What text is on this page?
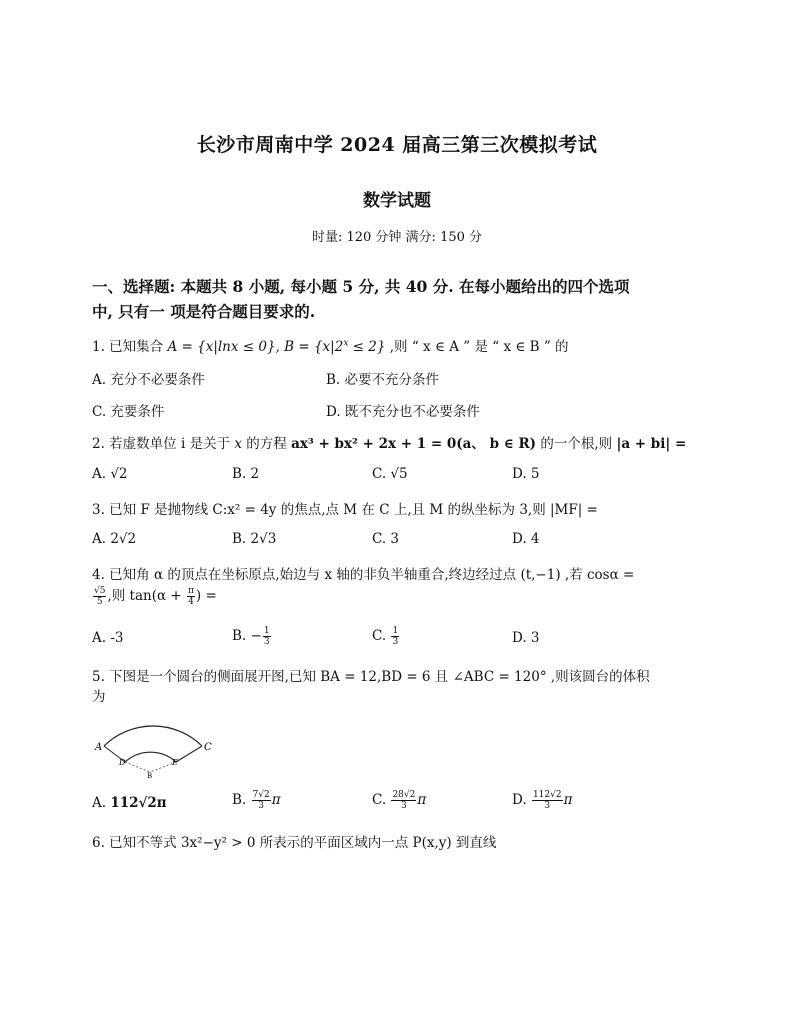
长沙市周南中学 2024 届高三第三次模拟考试
数学试题
时量: 120 分钟 满分: 150 分
一、选择题: 本题共 8 小题, 每小题 5 分, 共 40 分. 在每小题给出的四个选项
中, 只有一 项是符合题目要求的.
1. 已知集合 A = {x|lnx ≤ 0}, $B = \{x|2^x \le 2\}$ ,则 “ x ∈ A ” 是 “ x ∈ B ” 的
A. 充分不必要条件	B. 必要不充分条件
C. 充要条件	D. 既不充分也不必要条件
2. 若虚数单位 i 是关于 x 的方程 ax³ + bx² + 2x + 1 = 0(a、 b ∈ R) 的一个根,则 |a + bi| =
A. √2	B. 2	C. √5	D. 5
3. 已知 F 是抛物线 C:x² = 4y 的焦点,点 M 在 C 上,且 M 的纵坐标为 3,则 |MF| =
A. 2√2	B. 2√3	C. 3	D. 4
4. 已知角 α 的顶点在坐标原点,始边与 x 轴的非负半轴重合,终边经过点 (t,−1) ,若 cosα =
$\frac{√5}{5}$ ,则 $\tan(\alpha + \frac{\pi}{4}$ ) =
A. -3	B. − $\frac{1}{3}$	C. $\frac{1}{3}$	D. 3
5. 下图是一个圆台的侧面展开图,已知 BA = 12,BD = 6 且 ∠ABC = 120° ,则该圆台的体积
为
A	C
D	E
B
A. 112√2π	B. $\frac{7√2}{3}$ π	C. $\frac{28√2}{3}$ π	D. $\frac{112√2}{3}$ π
6. 已知不等式 3x²−y² > 0 所表示的平面区域内一点 P(x,y) 到直线
